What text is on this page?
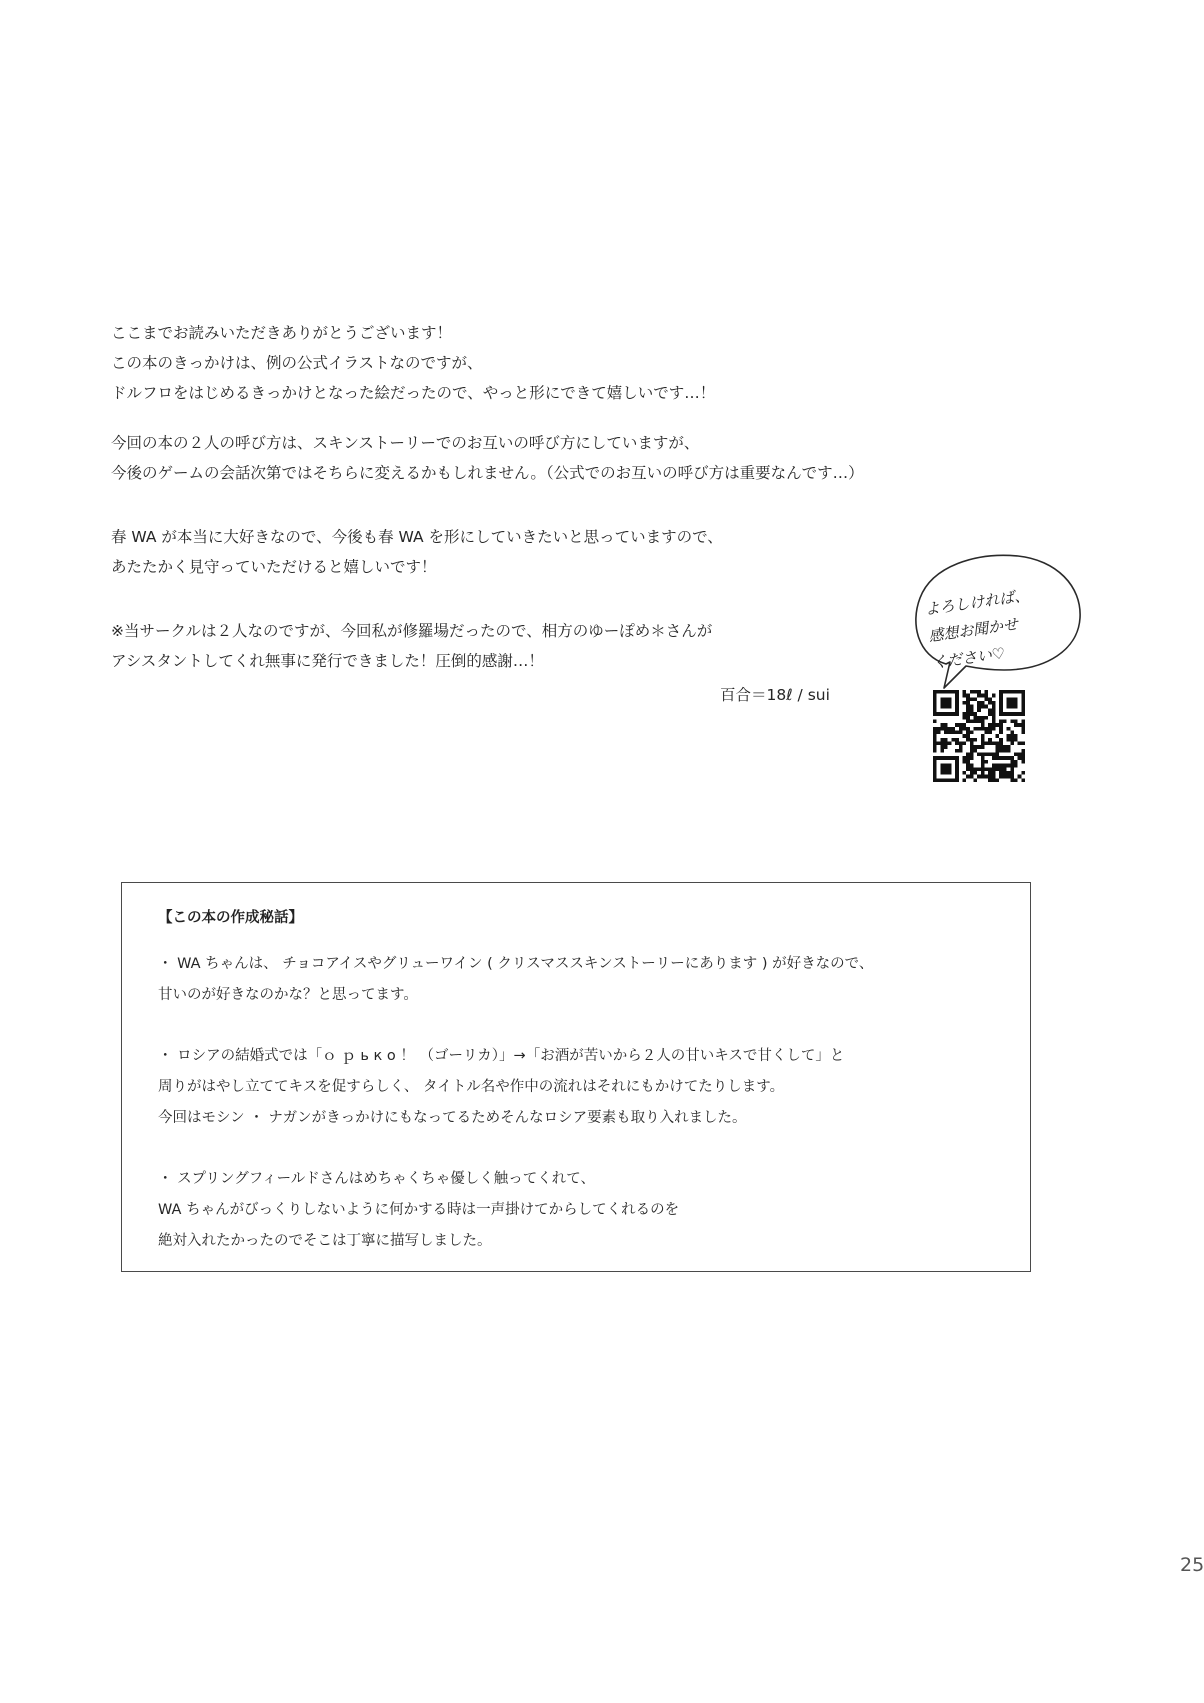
ここまでお読みいただきありがとうございます！
この本のきっかけは、例の公式イラストなのですが、
ドルフロをはじめるきっかけとなった絵だったので、やっと形にできて嬉しいです…！
今回の本の２人の呼び方は、スキンストーリーでのお互いの呼び方にしていますが、
今後のゲームの会話次第ではそちらに変えるかもしれません。（公式でのお互いの呼び方は重要なんです…）
春 WA が本当に大好きなので、今後も春 WA を形にしていきたいと思っていますので、
あたたかく見守っていただけると嬉しいです！
※当サークルは２人なのですが、今回私が修羅場だったので、相方のゆーぽめ＊さんが
アシスタントしてくれ無事に発行できました！圧倒的感謝…！
百合＝18ℓ / sui
よろしければ、
感想お聞かせ
ください♡
【この本の作成秘話】
・ WA ちゃんは、 チョコアイスやグリューワイン ( クリスマススキンストーリーにあります ) が好きなので、
甘いのが好きなのかな？と思ってます。
・ ロシアの結婚式では「ｏ ｐ ь к о ！ （ゴーリカ）」→「お酒が苦いから２人の甘いキスで甘くして」と
周りがはやし立ててキスを促すらしく、 タイトル名や作中の流れはそれにもかけてたりします。
今回はモシン ・ ナガンがきっかけにもなってるためそんなロシア要素も取り入れました。
・ スプリングフィールドさんはめちゃくちゃ優しく触ってくれて、
WA ちゃんがびっくりしないように何かする時は一声掛けてからしてくれるのを
絶対入れたかったのでそこは丁寧に描写しました。
25
